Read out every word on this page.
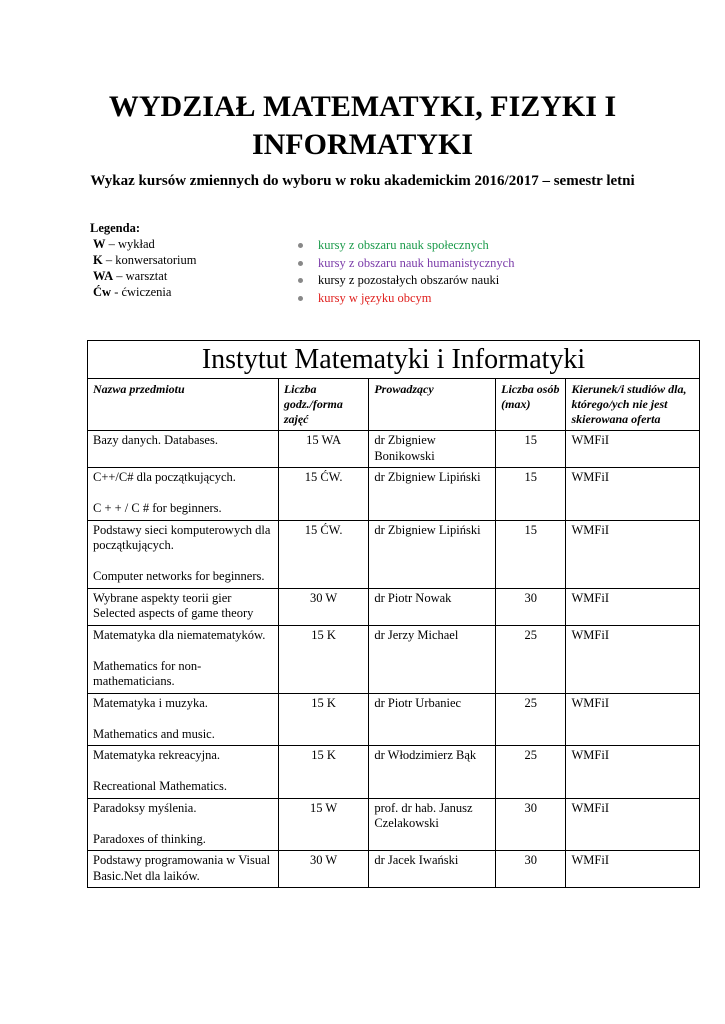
WYDZIAŁ MATEMATYKI, FIZYKI I INFORMATYKI
Wykaz kursów zmiennych do wyboru w roku akademickim 2016/2017 – semestr letni
Legenda:
W – wykład
K – konwersatorium
WA – warsztat
Ćw - ćwiczenia
kursy z obszaru nauk społecznych
kursy z obszaru nauk humanistycznych
kursy z pozostałych obszarów nauki
kursy w języku obcym
Instytut Matematyki i Informatyki				
Nazwa przedmiotu	Liczba godz./forma zajęć	Prowadzący	Liczba osób (max)	Kierunek/i studiów dla, którego/ych nie jest skierowana oferta
Bazy danych. Databases.	15 WA	dr Zbigniew Bonikowski	15	WMFiI
C++/C# dla początkujących.
C + + / C # for beginners.	15 ĆW.	dr Zbigniew Lipiński	15	WMFiI
Podstawy sieci komputerowych dla początkujących.
Computer networks for beginners.	15 ĆW.	dr Zbigniew Lipiński	15	WMFiI
Wybrane aspekty teorii gier Selected aspects of game theory	30 W	dr Piotr Nowak	30	WMFiI
Matematyka dla niematematyków.
Mathematics for non-mathematicians.	15 K	dr Jerzy Michael	25	WMFiI
Matematyka i muzyka.
Mathematics and music.	15 K	dr Piotr Urbaniec	25	WMFiI
Matematyka rekreacyjna.
Recreational Mathematics.	15 K	dr Włodzimierz Bąk	25	WMFiI
Paradoksy myślenia.
Paradoxes of thinking.	15 W	prof. dr hab. Janusz Czelakowski	30	WMFiI
Podstawy programowania w Visual Basic.Net dla laików.	30 W	dr Jacek Iwański	30	WMFiI
